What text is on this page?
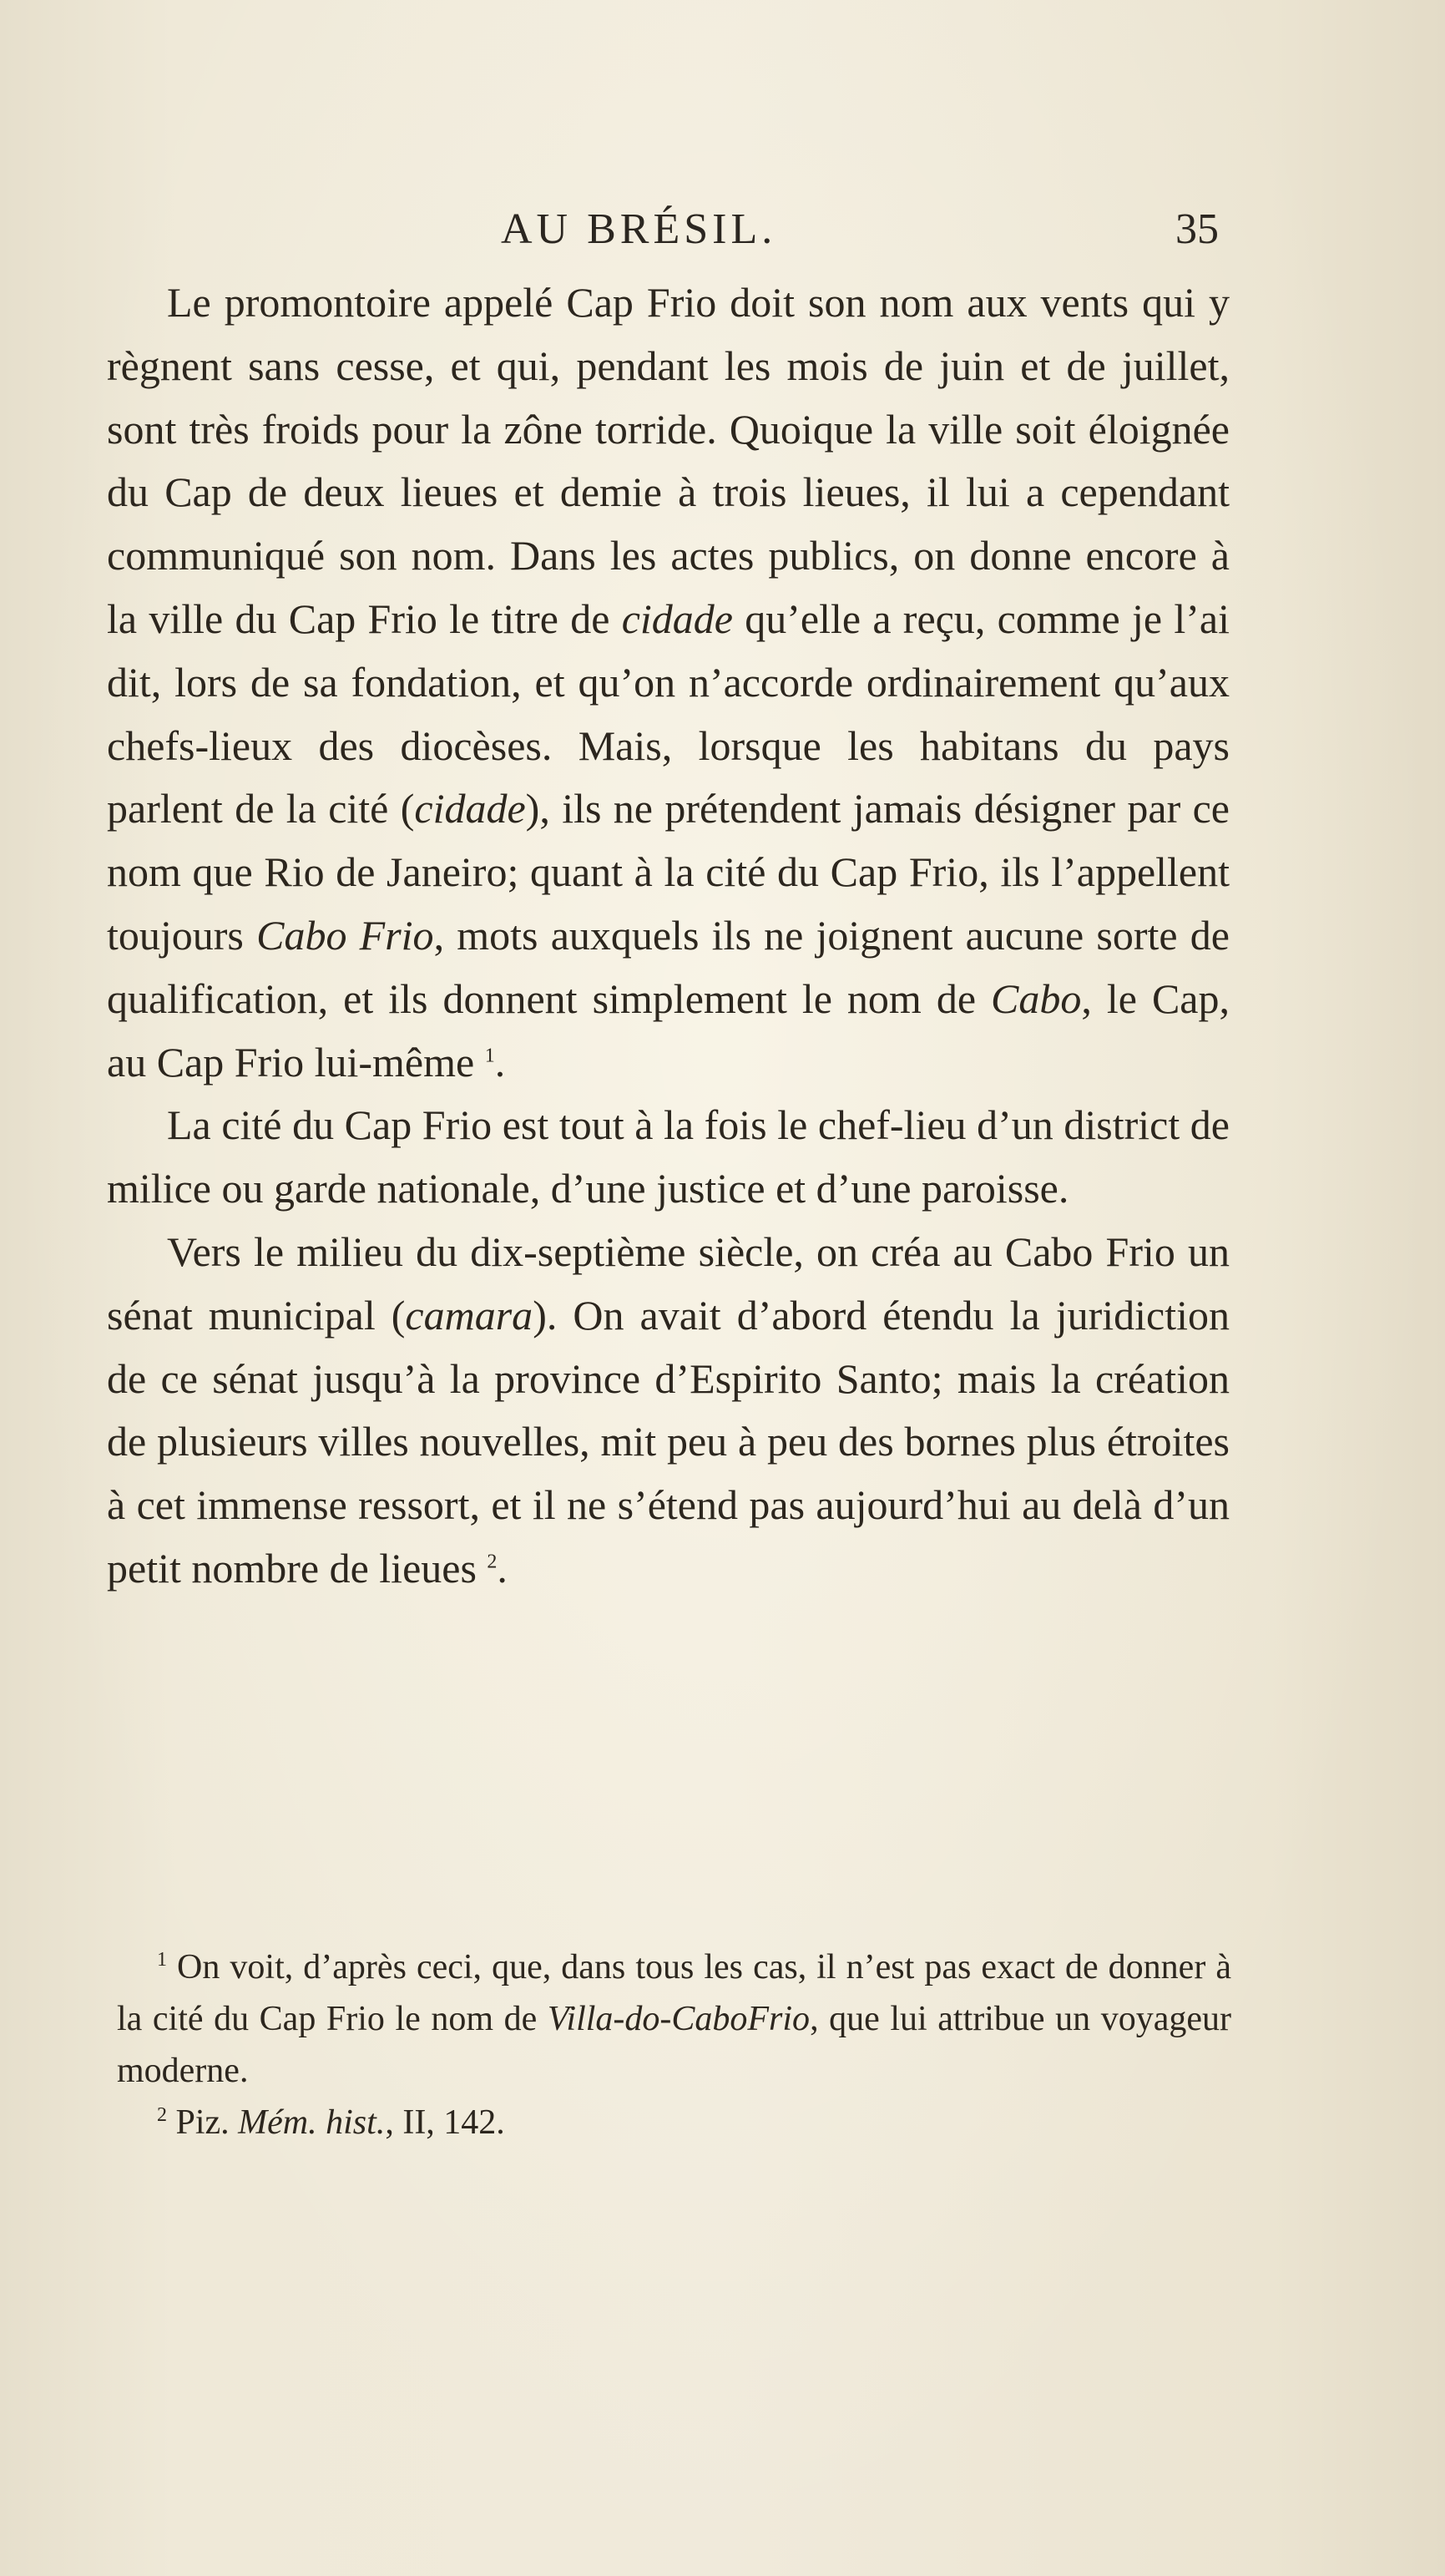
AU BRÉSIL.	35

Le promontoire appelé Cap Frio doit son nom aux vents qui y règnent sans cesse, et qui, pendant les mois de juin et de juillet, sont très froids pour la zône torride. Quoique la ville soit éloignée du Cap de deux lieues et demie à trois lieues, il lui a cependant communiqué son nom. Dans les actes publics, on donne encore à la ville du Cap Frio le titre de cidade qu’elle a reçu, comme je l’ai dit, lors de sa fondation, et qu’on n’accorde ordinairement qu’aux chefs-lieux des diocèses. Mais, lorsque les habitans du pays parlent de la cité (cidade), ils ne prétendent jamais désigner par ce nom que Rio de Janeiro; quant à la cité du Cap Frio, ils l’appellent toujours Cabo Frio, mots auxquels ils ne joignent aucune sorte de qualification, et ils donnent simplement le nom de Cabo, le Cap, au Cap Frio lui-même $^1$.

La cité du Cap Frio est tout à la fois le chef-lieu d’un district de milice ou garde nationale, d’une justice et d’une paroisse.

Vers le milieu du dix-septième siècle, on créa au Cabo Frio un sénat municipal (camara). On avait d’abord étendu la juridiction de ce sénat jusqu’à la province d’Espirito Santo; mais la création de plusieurs villes nouvelles, mit peu à peu des bornes plus étroites à cet immense ressort, et il ne s’étend pas aujourd’hui au delà d’un petit nombre de lieues $^2$.

$^1$ On voit, d’après ceci, que, dans tous les cas, il n’est pas exact de donner à la cité du Cap Frio le nom de Villa-do-CaboFrio, que lui attribue un voyageur moderne.

$^2$ Piz. Mém. hist., II, 142.
